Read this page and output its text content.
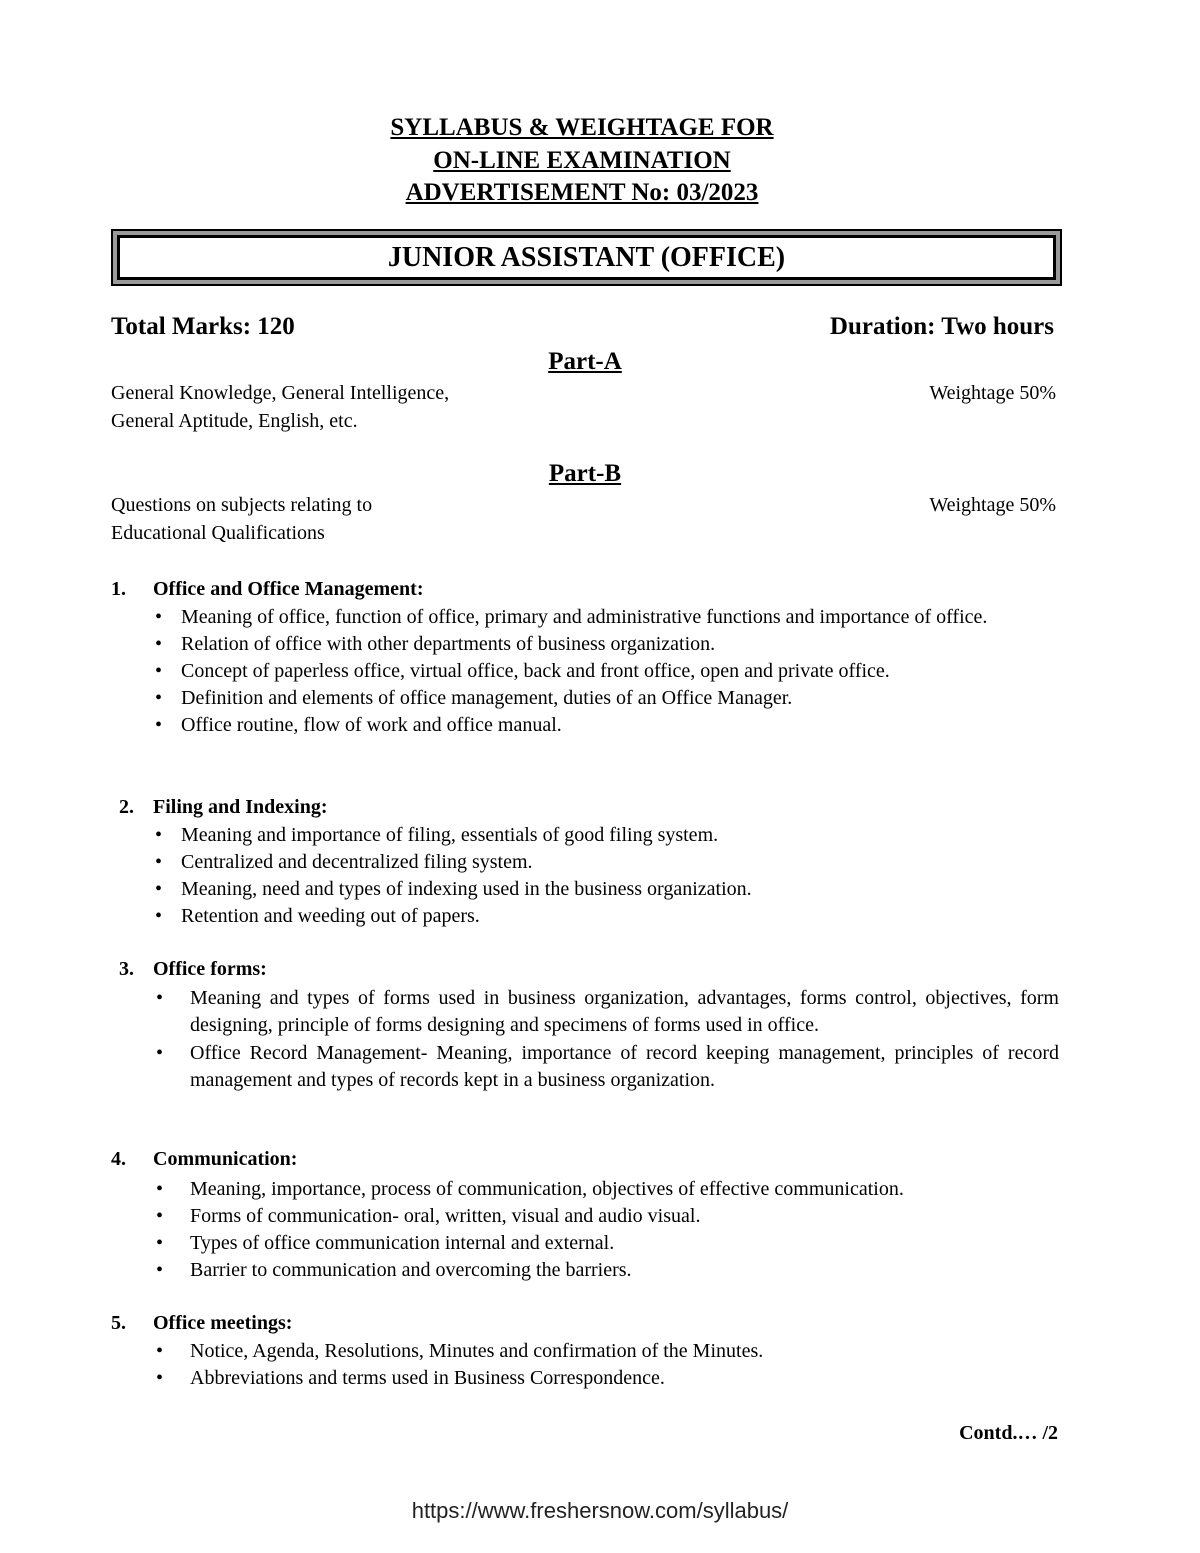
SYLLABUS & WEIGHTAGE FOR
ON-LINE EXAMINATION
ADVERTISEMENT No: 03/2023
JUNIOR ASSISTANT (OFFICE)
Total Marks: 120	Duration: Two hours
Part-A
General Knowledge, General Intelligence,
General Aptitude, English, etc.
Weightage 50%
Part-B
Questions on subjects relating to
Educational Qualifications
Weightage 50%
1. Office and Office Management:
• Meaning of office, function of office, primary and administrative functions and importance of office.
• Relation of office with other departments of business organization.
• Concept of paperless office, virtual office, back and front office, open and private office.
• Definition and elements of office management, duties of an Office Manager.
• Office routine, flow of work and office manual.
2. Filing and Indexing:
• Meaning and importance of filing, essentials of good filing system.
• Centralized and decentralized filing system.
• Meaning, need and types of indexing used in the business organization.
• Retention and weeding out of papers.
3. Office forms:
• Meaning and types of forms used in business organization, advantages, forms control, objectives, form designing, principle of forms designing and specimens of forms used in office.
• Office Record Management- Meaning, importance of record keeping management, principles of record management and types of records kept in a business organization.
4. Communication:
• Meaning, importance, process of communication, objectives of effective communication.
• Forms of communication- oral, written, visual and audio visual.
• Types of office communication internal and external.
• Barrier to communication and overcoming the barriers.
5. Office meetings:
• Notice, Agenda, Resolutions, Minutes and confirmation of the Minutes.
• Abbreviations and terms used in Business Correspondence.
Contd.… /2
https://www.freshersnow.com/syllabus/
